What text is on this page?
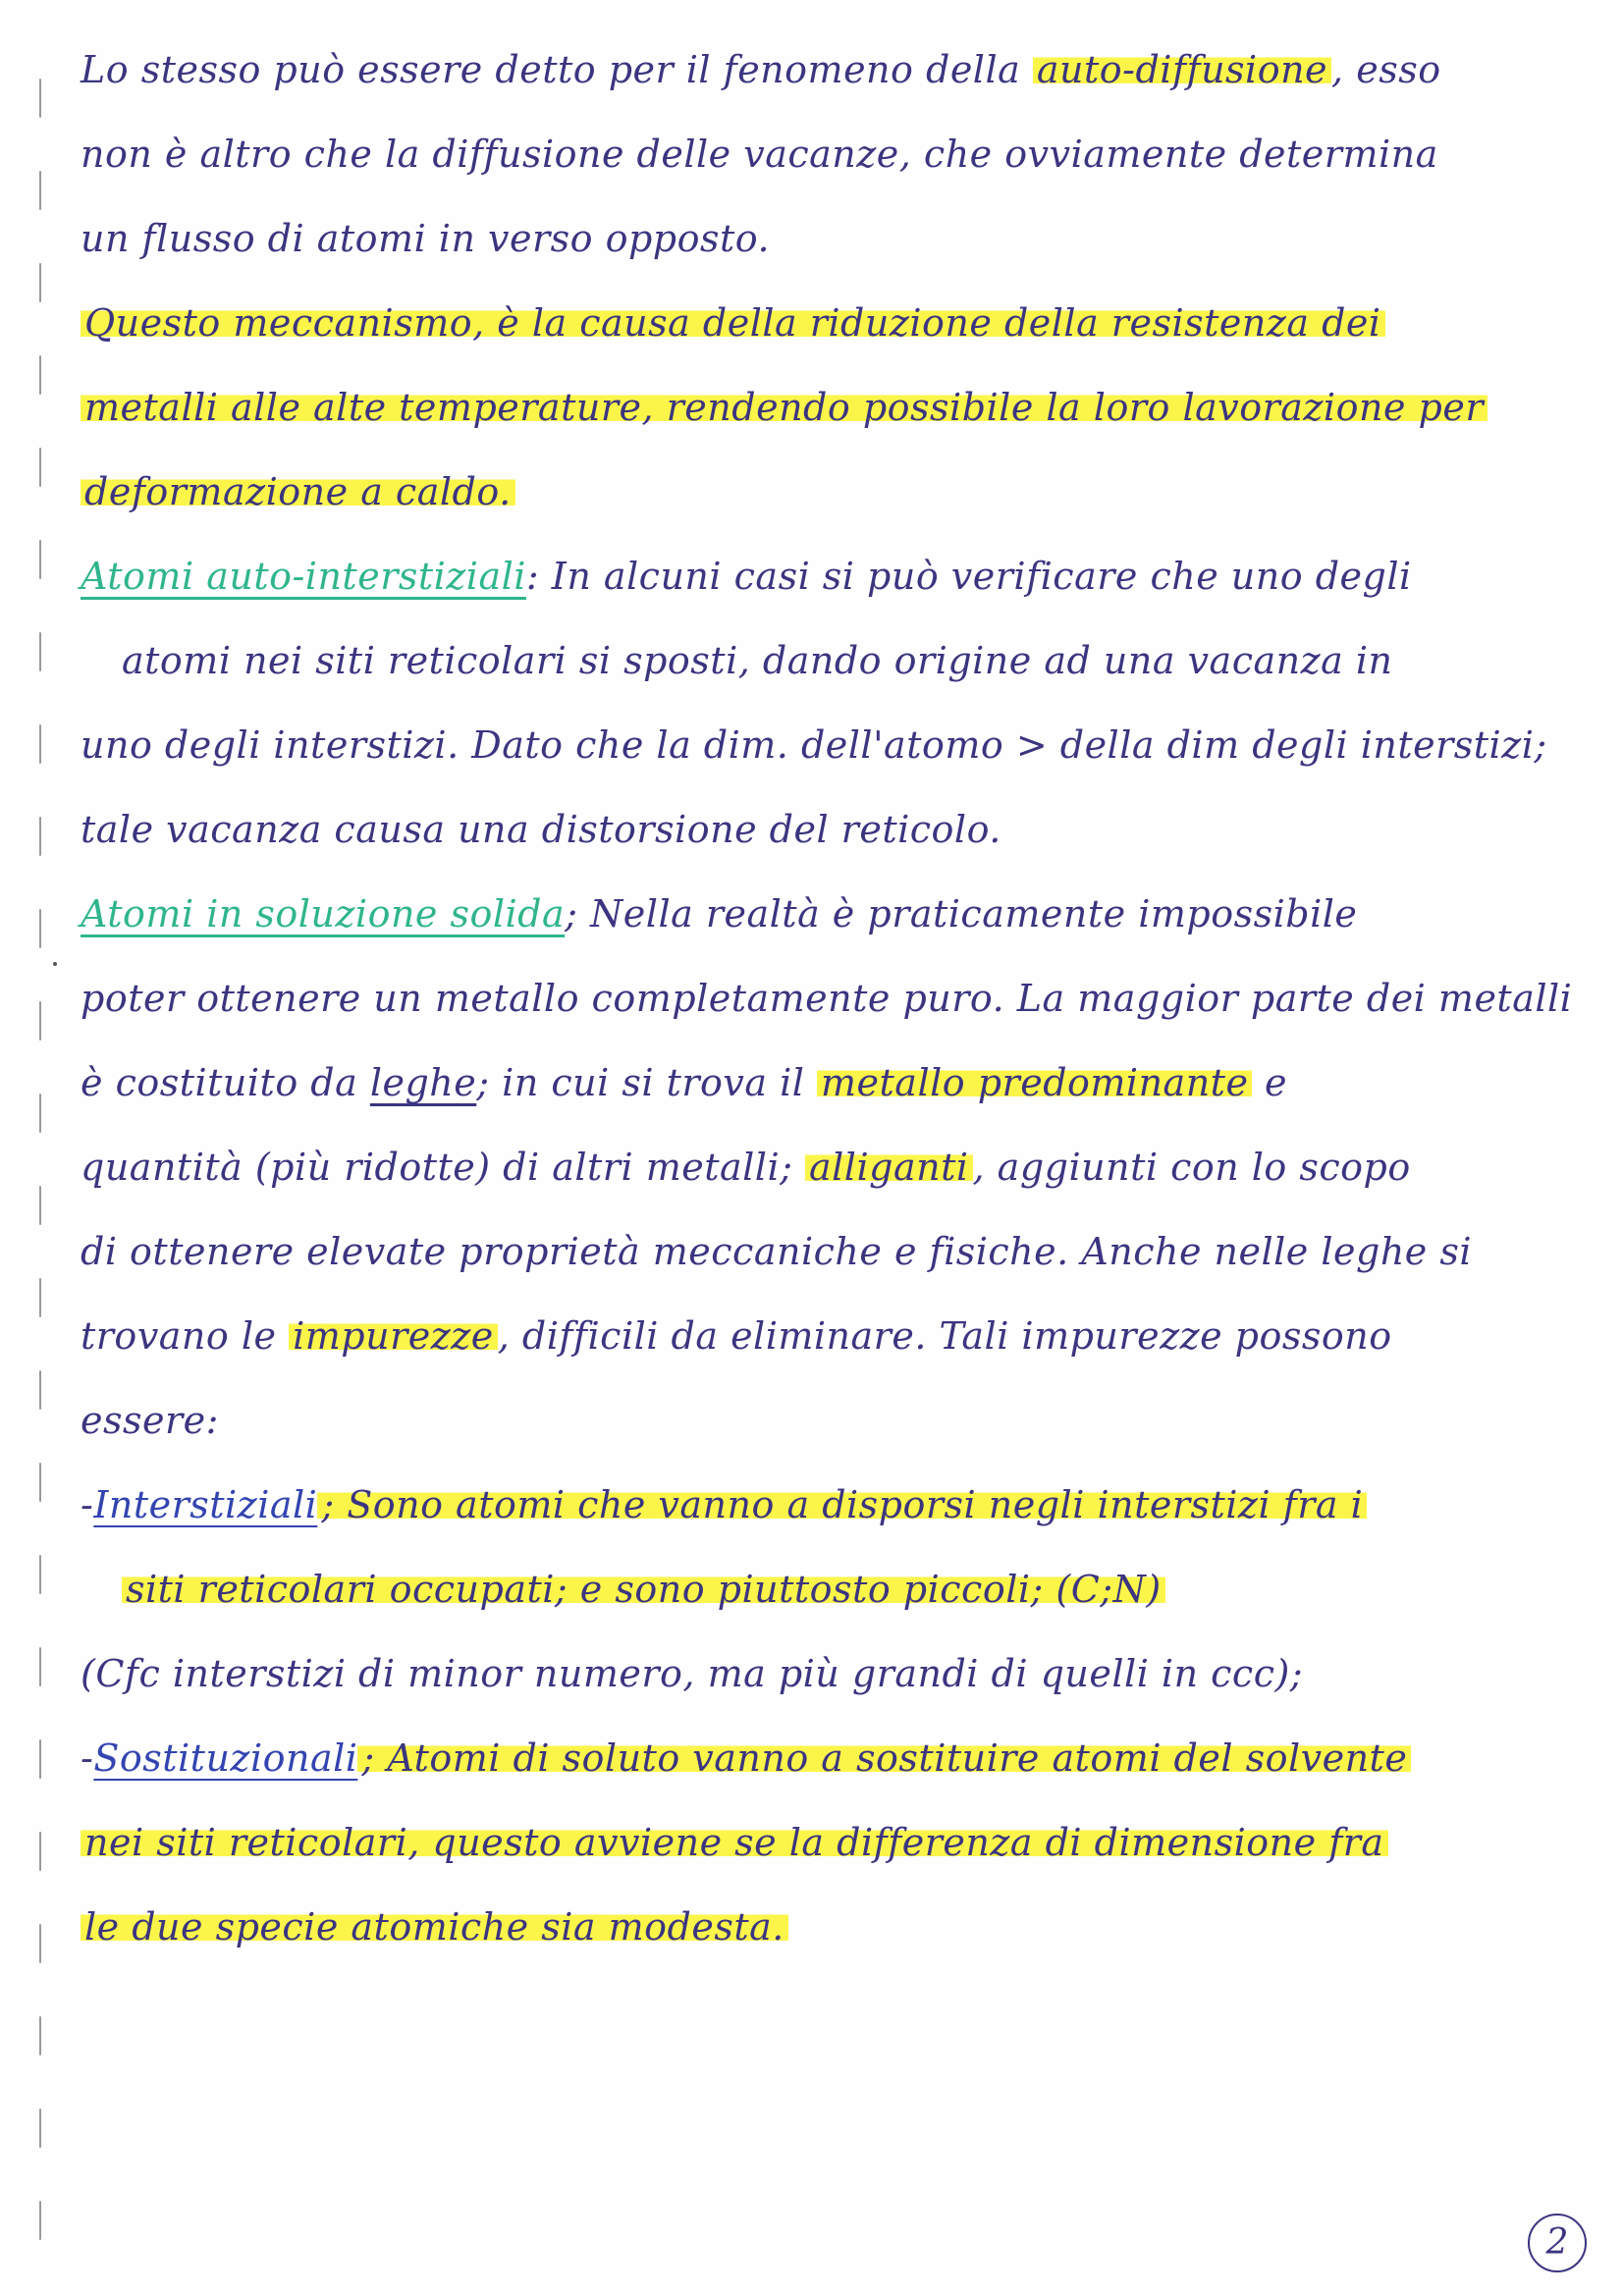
Lo stesso può essere detto per il fenomeno della auto-diffusione , esso
non è altro che la diffusione delle vacanze, che ovviamente determina
un flusso di atomi in verso opposto.
Questo meccanismo, è la causa della riduzione della resistenza dei
metalli alle alte temperature, rendendo possibile la loro lavorazione per
deformazione a caldo.
Atomi auto-interstiziali: In alcuni casi si può verificare che uno degli
atomi nei siti reticolari si sposti, dando origine ad una vacanza in
uno degli interstizi. Dato che la dim. dell'atomo > della dim degli interstizi;
tale vacanza causa una distorsione del reticolo.
Atomi in soluzione solida; Nella realtà è praticamente impossibile
poter ottenere un metallo completamente puro. La maggior parte dei metalli
è costituito da leghe; in cui si trova il metallo predominante e
quantità (più ridotte) di altri metalli; alliganti , aggiunti con lo scopo
di ottenere elevate proprietà meccaniche e fisiche. Anche nelle leghe si
trovano le impurezze , difficili da eliminare. Tali impurezze possono
essere:
-Interstiziali ; Sono atomi che vanno a disporsi negli interstizi fra i
siti reticolari occupati; e sono piuttosto piccoli; (C;N)
(Cfc interstizi di minor numero, ma più grandi di quelli in ccc);
-Sostituzionali ; Atomi di soluto vanno a sostituire atomi del solvente
nei siti reticolari, questo avviene se la differenza di dimensione fra
le due specie atomiche sia modesta.
2
